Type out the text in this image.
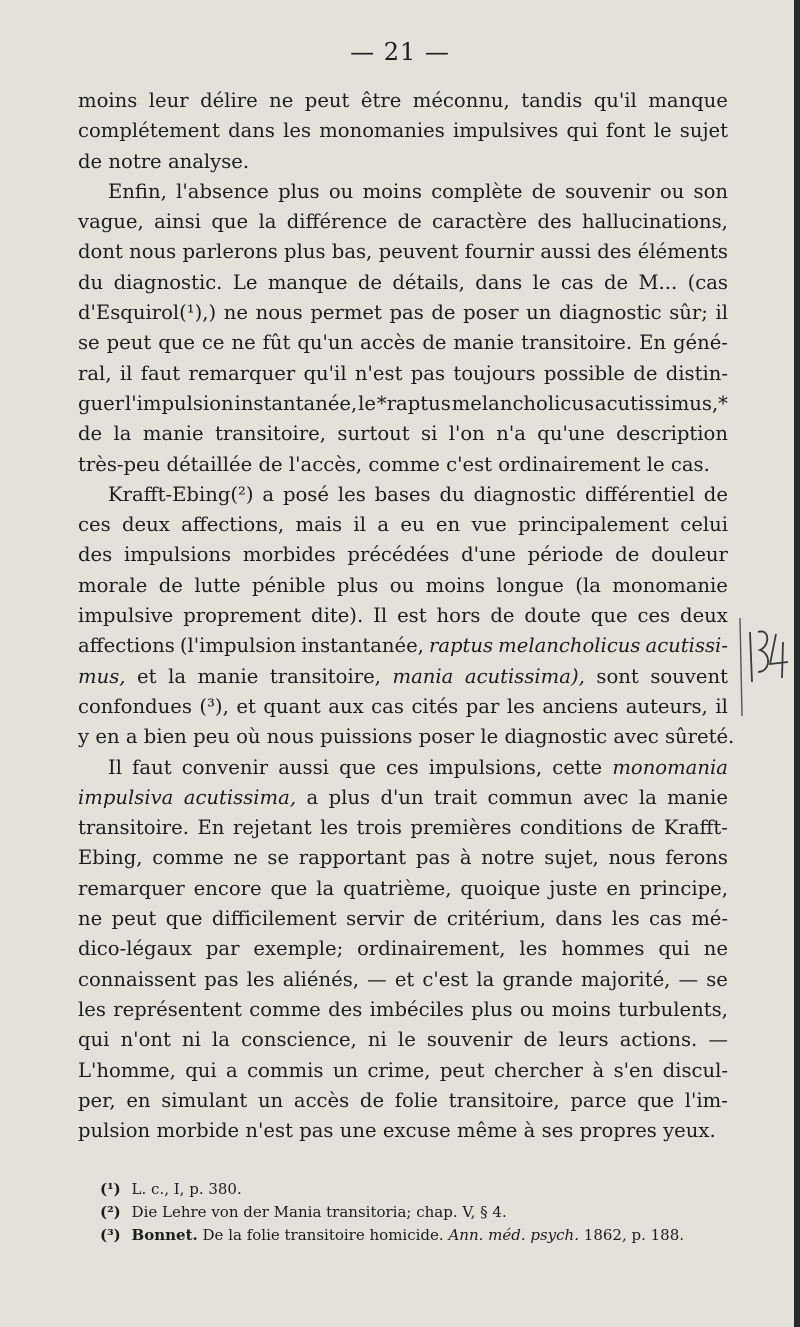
— 21 —
moins leur délire ne peut être méconnu, tandis qu'il manque
complétement dans les monomanies impulsives qui font le sujet
de notre analyse.
Enfin, l'absence plus ou moins complète de souvenir ou son
vague, ainsi que la différence de caractère des hallucinations,
dont nous parlerons plus bas, peuvent fournir aussi des éléments
du diagnostic. Le manque de détails, dans le cas de M... (cas
d'Esquirol(¹),) ne nous permet pas de poser un diagnostic sûr; il
se peut que ce ne fût qu'un accès de manie transitoire. En géné-
ral, il faut remarquer qu'il n'est pas toujours possible de distin-
guer l'impulsion instantanée, le *raptus melancholicus acutissimus,*
de la manie transitoire, surtout si l'on n'a qu'une description
très-peu détaillée de l'accès, comme c'est ordinairement le cas.
Krafft-Ebing(²) a posé les bases du diagnostic différentiel de
ces deux affections, mais il a eu en vue principalement celui
des impulsions morbides précédées d'une période de douleur
morale de lutte pénible plus ou moins longue (la monomanie
impulsive proprement dite). Il est hors de doute que ces deux
affections (l'impulsion instantanée, raptus melancholicus acutissi-
mus, et la manie transitoire, mania acutissima), sont souvent
confondues (³), et quant aux cas cités par les anciens auteurs, il
y en a bien peu où nous puissions poser le diagnostic avec sûreté.
Il faut convenir aussi que ces impulsions, cette monomania
impulsiva acutissima, a plus d'un trait commun avec la manie
transitoire. En rejetant les trois premières conditions de Krafft-
Ebing, comme ne se rapportant pas à notre sujet, nous ferons
remarquer encore que la quatrième, quoique juste en principe,
ne peut que difficilement servir de critérium, dans les cas mé-
dico-légaux par exemple; ordinairement, les hommes qui ne
connaissent pas les aliénés, — et c'est la grande majorité, — se
les représentent comme des imbéciles plus ou moins turbulents,
qui n'ont ni la conscience, ni le souvenir de leurs actions. —
L'homme, qui a commis un crime, peut chercher à s'en discul-
per, en simulant un accès de folie transitoire, parce que l'im-
pulsion morbide n'est pas une excuse même à ses propres yeux.
(¹) L. c., I, p. 380.
(²) Die Lehre von der Mania transitoria; chap. V, § 4.
(³) Bonnet. De la folie transitoire homicide. Ann. méd. psych. 1862, p. 188.
